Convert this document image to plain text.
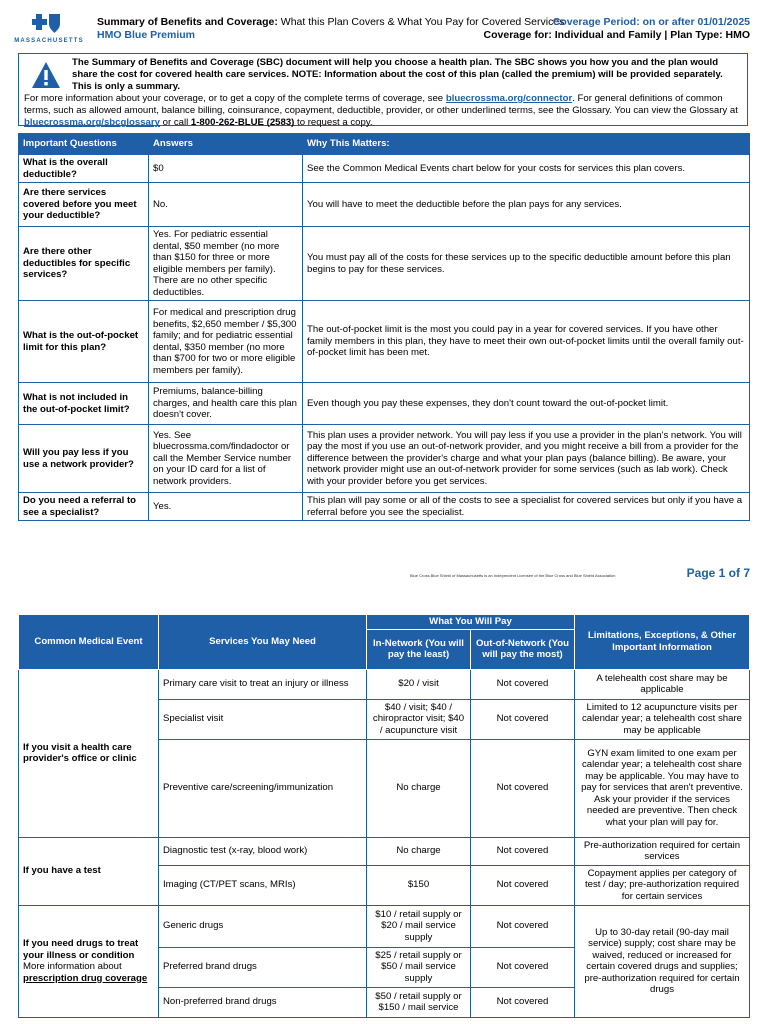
MASSACHUSETTS
Summary of Benefits and Coverage: What this Plan Covers & What You Pay for Covered Services
HMO Blue Premium
Coverage Period: on or after 01/01/2025
Coverage for: Individual and Family | Plan Type: HMO

The Summary of Benefits and Coverage (SBC) document will help you choose a health plan. The SBC shows you how you and the plan would share the cost for covered health care services. NOTE: Information about the cost of this plan (called the premium) will be provided separately. This is only a summary.

For more information about your coverage, or to get a copy of the complete terms of coverage, see bluecrossma.org/connector. For general definitions of common terms, such as allowed amount, balance billing, coinsurance, copayment, deductible, provider, or other underlined terms, see the Glossary. You can view the Glossary at bluecrossma.org/sbcglossary or call 1-800-262-BLUE (2583) to request a copy.

Important Questions	Answers	Why This Matters:
What is the overall deductible?	$0	See the Common Medical Events chart below for your costs for services this plan covers.
Are there services covered before you meet your deductible?	No.	You will have to meet the deductible before the plan pays for any services.
Are there other deductibles for specific services?	Yes. For pediatric essential dental, $50 member (no more than $150 for three or more eligible members per family). There are no other specific deductibles.	You must pay all of the costs for these services up to the specific deductible amount before this plan begins to pay for these services.
What is the out-of-pocket limit for this plan?	For medical and prescription drug benefits, $2,650 member / $5,300 family; and for pediatric essential dental, $350 member (no more than $700 for two or more eligible members per family).	The out-of-pocket limit is the most you could pay in a year for covered services. If you have other family members in this plan, they have to meet their own out-of-pocket limits until the overall family out-of-pocket limit has been met.
What is not included in the out-of-pocket limit?	Premiums, balance-billing charges, and health care this plan doesn't cover.	Even though you pay these expenses, they don't count toward the out-of-pocket limit.
Will you pay less if you use a network provider?	Yes. See bluecrossma.com/findadoctor or call the Member Service number on your ID card for a list of network providers.	This plan uses a provider network. You will pay less if you use a provider in the plan's network. You will pay the most if you use an out-of-network provider, and you might receive a bill from a provider for the difference between the provider's charge and what your plan pays (balance billing). Be aware, your network provider might use an out-of-network provider for some services (such as lab work). Check with your provider before you get services.
Do you need a referral to see a specialist?	Yes.	This plan will pay some or all of the costs to see a specialist for covered services but only if you have a referral before you see the specialist.
Blue Cross Blue Shield of Massachusetts is an Independent Licensee of the Blue Cross and Blue Shield Association	Page 1 of 7
Common Medical Event	Services You May Need	What You Will Pay		Limitations, Exceptions, & Other Important Information
		In-Network (You will pay the least)	Out-of-Network (You will pay the most)	
If you visit a health care provider's office or clinic	Primary care visit to treat an injury or illness	$20 / visit	Not covered	A telehealth cost share may be applicable
	Specialist visit	$40 / visit; $40 / chiropractor visit; $40 / acupuncture visit	Not covered	Limited to 12 acupuncture visits per calendar year; a telehealth cost share may be applicable
	Preventive care/screening/immunization	No charge	Not covered	GYN exam limited to one exam per calendar year; a telehealth cost share may be applicable. You may have to pay for services that aren't preventive. Ask your provider if the services needed are preventive. Then check what your plan will pay for.
If you have a test	Diagnostic test (x-ray, blood work)	No charge	Not covered	Pre-authorization required for certain services
	Imaging (CT/PET scans, MRIs)	$150	Not covered	Copayment applies per category of test / day; pre-authorization required for certain services
If you need drugs to treat your illness or condition
More information about
prescription drug coverage	Generic drugs	$10 / retail supply or $20 / mail service supply	Not covered	Up to 30-day retail (90-day mail service) supply; cost share may be waived, reduced or increased for certain covered drugs and supplies; pre-authorization required for certain drugs
	Preferred brand drugs	$25 / retail supply or $50 / mail service supply	Not covered	
	Non-preferred brand drugs	$50 / retail supply or $150 / mail service	Not covered	
